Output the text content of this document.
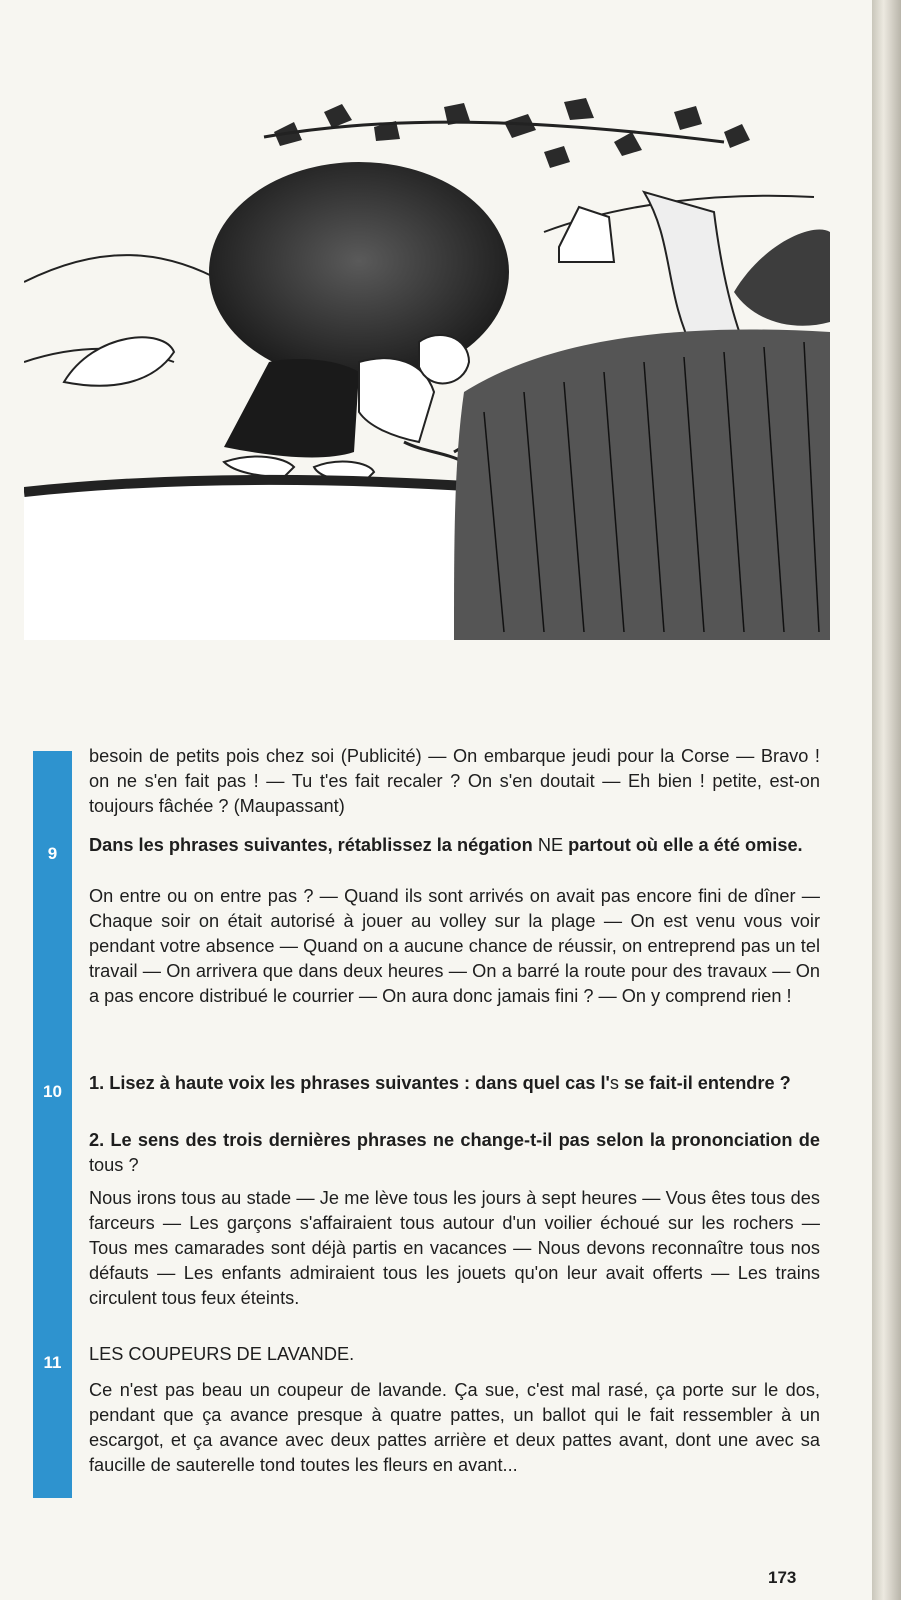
besoin de petits pois chez soi (Publicité) — On embarque jeudi pour la Corse — Bravo ! on ne s'en fait pas ! — Tu t'es fait recaler ? On s'en doutait — Eh bien ! petite, est-on toujours fâchée ? (Maupassant)
9	Dans les phrases suivantes, rétablissez la négation NE partout où elle a été omise.
On entre ou on entre pas ? — Quand ils sont arrivés on avait pas encore fini de dîner — Chaque soir on était autorisé à jouer au volley sur la plage — On est venu vous voir pendant votre absence — Quand on a aucune chance de réussir, on entreprend pas un tel travail — On arrivera que dans deux heures — On a barré la route pour des travaux — On a pas encore distribué le courrier — On aura donc jamais fini ? — On y comprend rien !
10	1. Lisez à haute voix les phrases suivantes : dans quel cas l's se fait-il entendre ?
2. Le sens des trois dernières phrases ne change-t-il pas selon la prononciation de tous ?
Nous irons tous au stade — Je me lève tous les jours à sept heures — Vous êtes tous des farceurs — Les garçons s'affairaient tous autour d'un voilier échoué sur les rochers — Tous mes camarades sont déjà partis en vacances — Nous devons reconnaître tous nos défauts — Les enfants admiraient tous les jouets qu'on leur avait offerts — Les trains circulent tous feux éteints.
11	LES COUPEURS DE LAVANDE.
Ce n'est pas beau un coupeur de lavande. Ça sue, c'est mal rasé, ça porte sur le dos, pendant que ça avance presque à quatre pattes, un ballot qui le fait ressembler à un escargot, et ça avance avec deux pattes arrière et deux pattes avant, dont une avec sa faucille de sauterelle tond toutes les fleurs en avant...
173
